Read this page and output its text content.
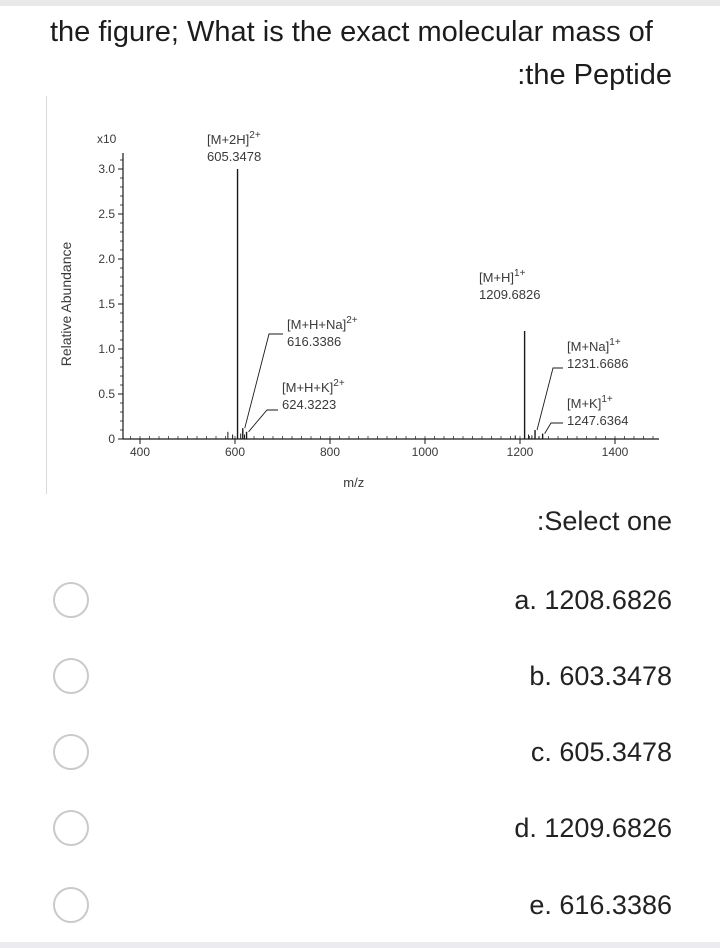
the figure; What is the exact molecular mass of
:the Peptide
Relative Abundance
x10
0
0.5
1.0
1.5
2.0
2.5
3.0
400	600	800	1000	1200	1400
m/z
$[M+2H]^{2+}$
605.3478
$[M+H+Na]^{2+}$
616.3386
$[M+H+K]^{2+}$
624.3223
$[M+H]^{1+}$
1209.6826
$[M+Na]^{1+}$
1231.6686
$[M+K]^{1+}$
1247.6364
:Select one
a. 1208.6826
b. 603.3478
c. 605.3478
d. 1209.6826
e. 616.3386
